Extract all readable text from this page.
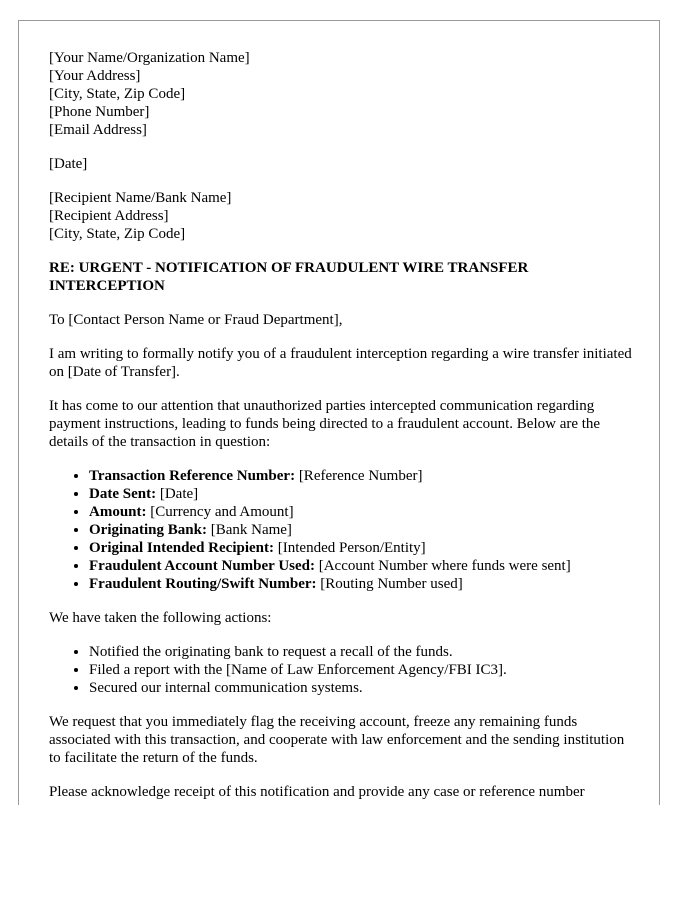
[Your Name/Organization Name]
[Your Address]
[City, State, Zip Code]
[Phone Number]
[Email Address]
[Date]
[Recipient Name/Bank Name]
[Recipient Address]
[City, State, Zip Code]
RE: URGENT - NOTIFICATION OF FRAUDULENT WIRE TRANSFER INTERCEPTION

To [Contact Person Name or Fraud Department],

I am writing to formally notify you of a fraudulent interception regarding a wire transfer initiated on [Date of Transfer].

It has come to our attention that unauthorized parties intercepted communication regarding payment instructions, leading to funds being directed to a fraudulent account. Below are the details of the transaction in question:

• Transaction Reference Number: [Reference Number]
• Date Sent: [Date]
• Amount: [Currency and Amount]
• Originating Bank: [Bank Name]
• Original Intended Recipient: [Intended Person/Entity]
• Fraudulent Account Number Used: [Account Number where funds were sent]
• Fraudulent Routing/Swift Number: [Routing Number used]

We have taken the following actions:

• Notified the originating bank to request a recall of the funds.
• Filed a report with the [Name of Law Enforcement Agency/FBI IC3].
• Secured our internal communication systems.

We request that you immediately flag the receiving account, freeze any remaining funds associated with this transaction, and cooperate with law enforcement and the sending institution to facilitate the return of the funds.

Please acknowledge receipt of this notification and provide any case or reference number
